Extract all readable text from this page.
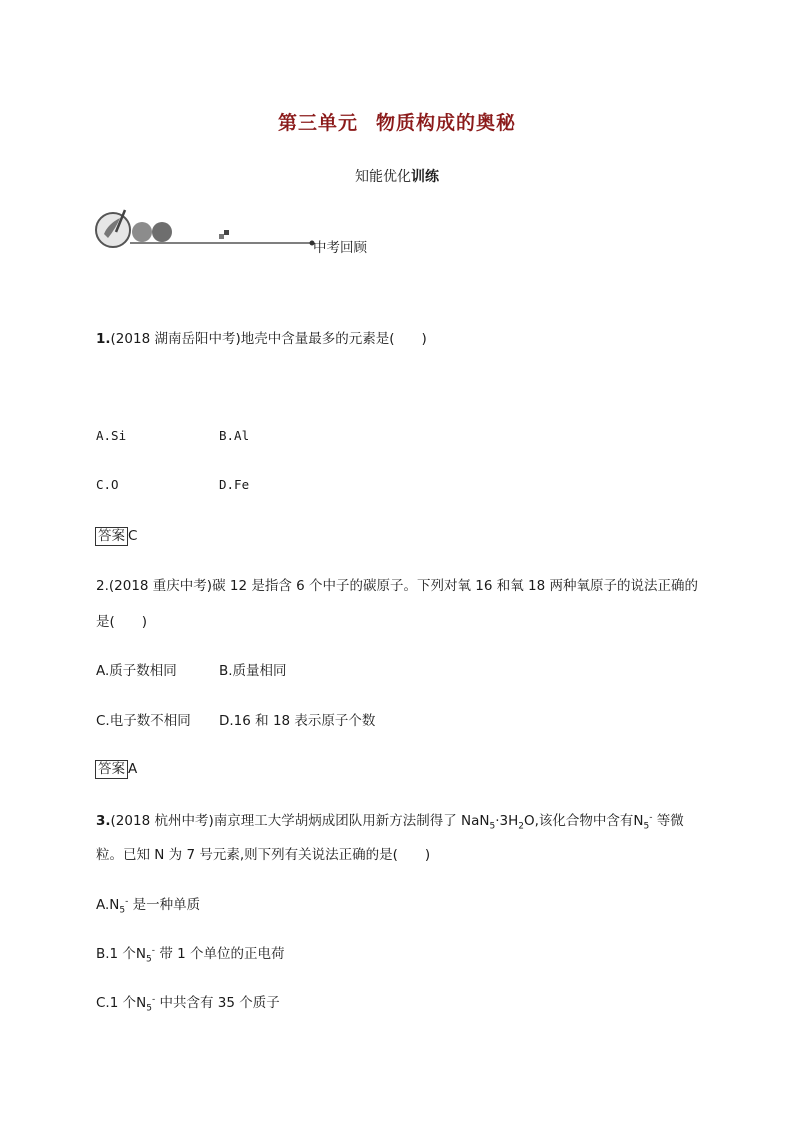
第三单元 物质构成的奥秘
知能优化训练
中考回顾
1.(2018 湖南岳阳中考)地壳中含量最多的元素是(　　)
A.Si	B.Al
C.O	D.Fe
答案 C
2.(2018 重庆中考)碳 12 是指含 6 个中子的碳原子。下列对氧 16 和氧 18 两种氧原子的说法正确的
是(　　)
A.质子数相同	B.质量相同
C.电子数不相同 D.16 和 18 表示原子个数
答案 A
3.(2018 杭州中考)南京理工大学胡炳成团队用新方法制得了 $NaN_5\cdot 3H_2O$,该化合物中含有$N_5^-$ 等微
粒。已知 N 为 7 号元素,则下列有关说法正确的是(　　)
$A.N_5^-$ 是一种单质
B.1 个$N_5^-$ 带 1 个单位的正电荷
C.1 个$N_5^-$ 中共含有 35 个质子
